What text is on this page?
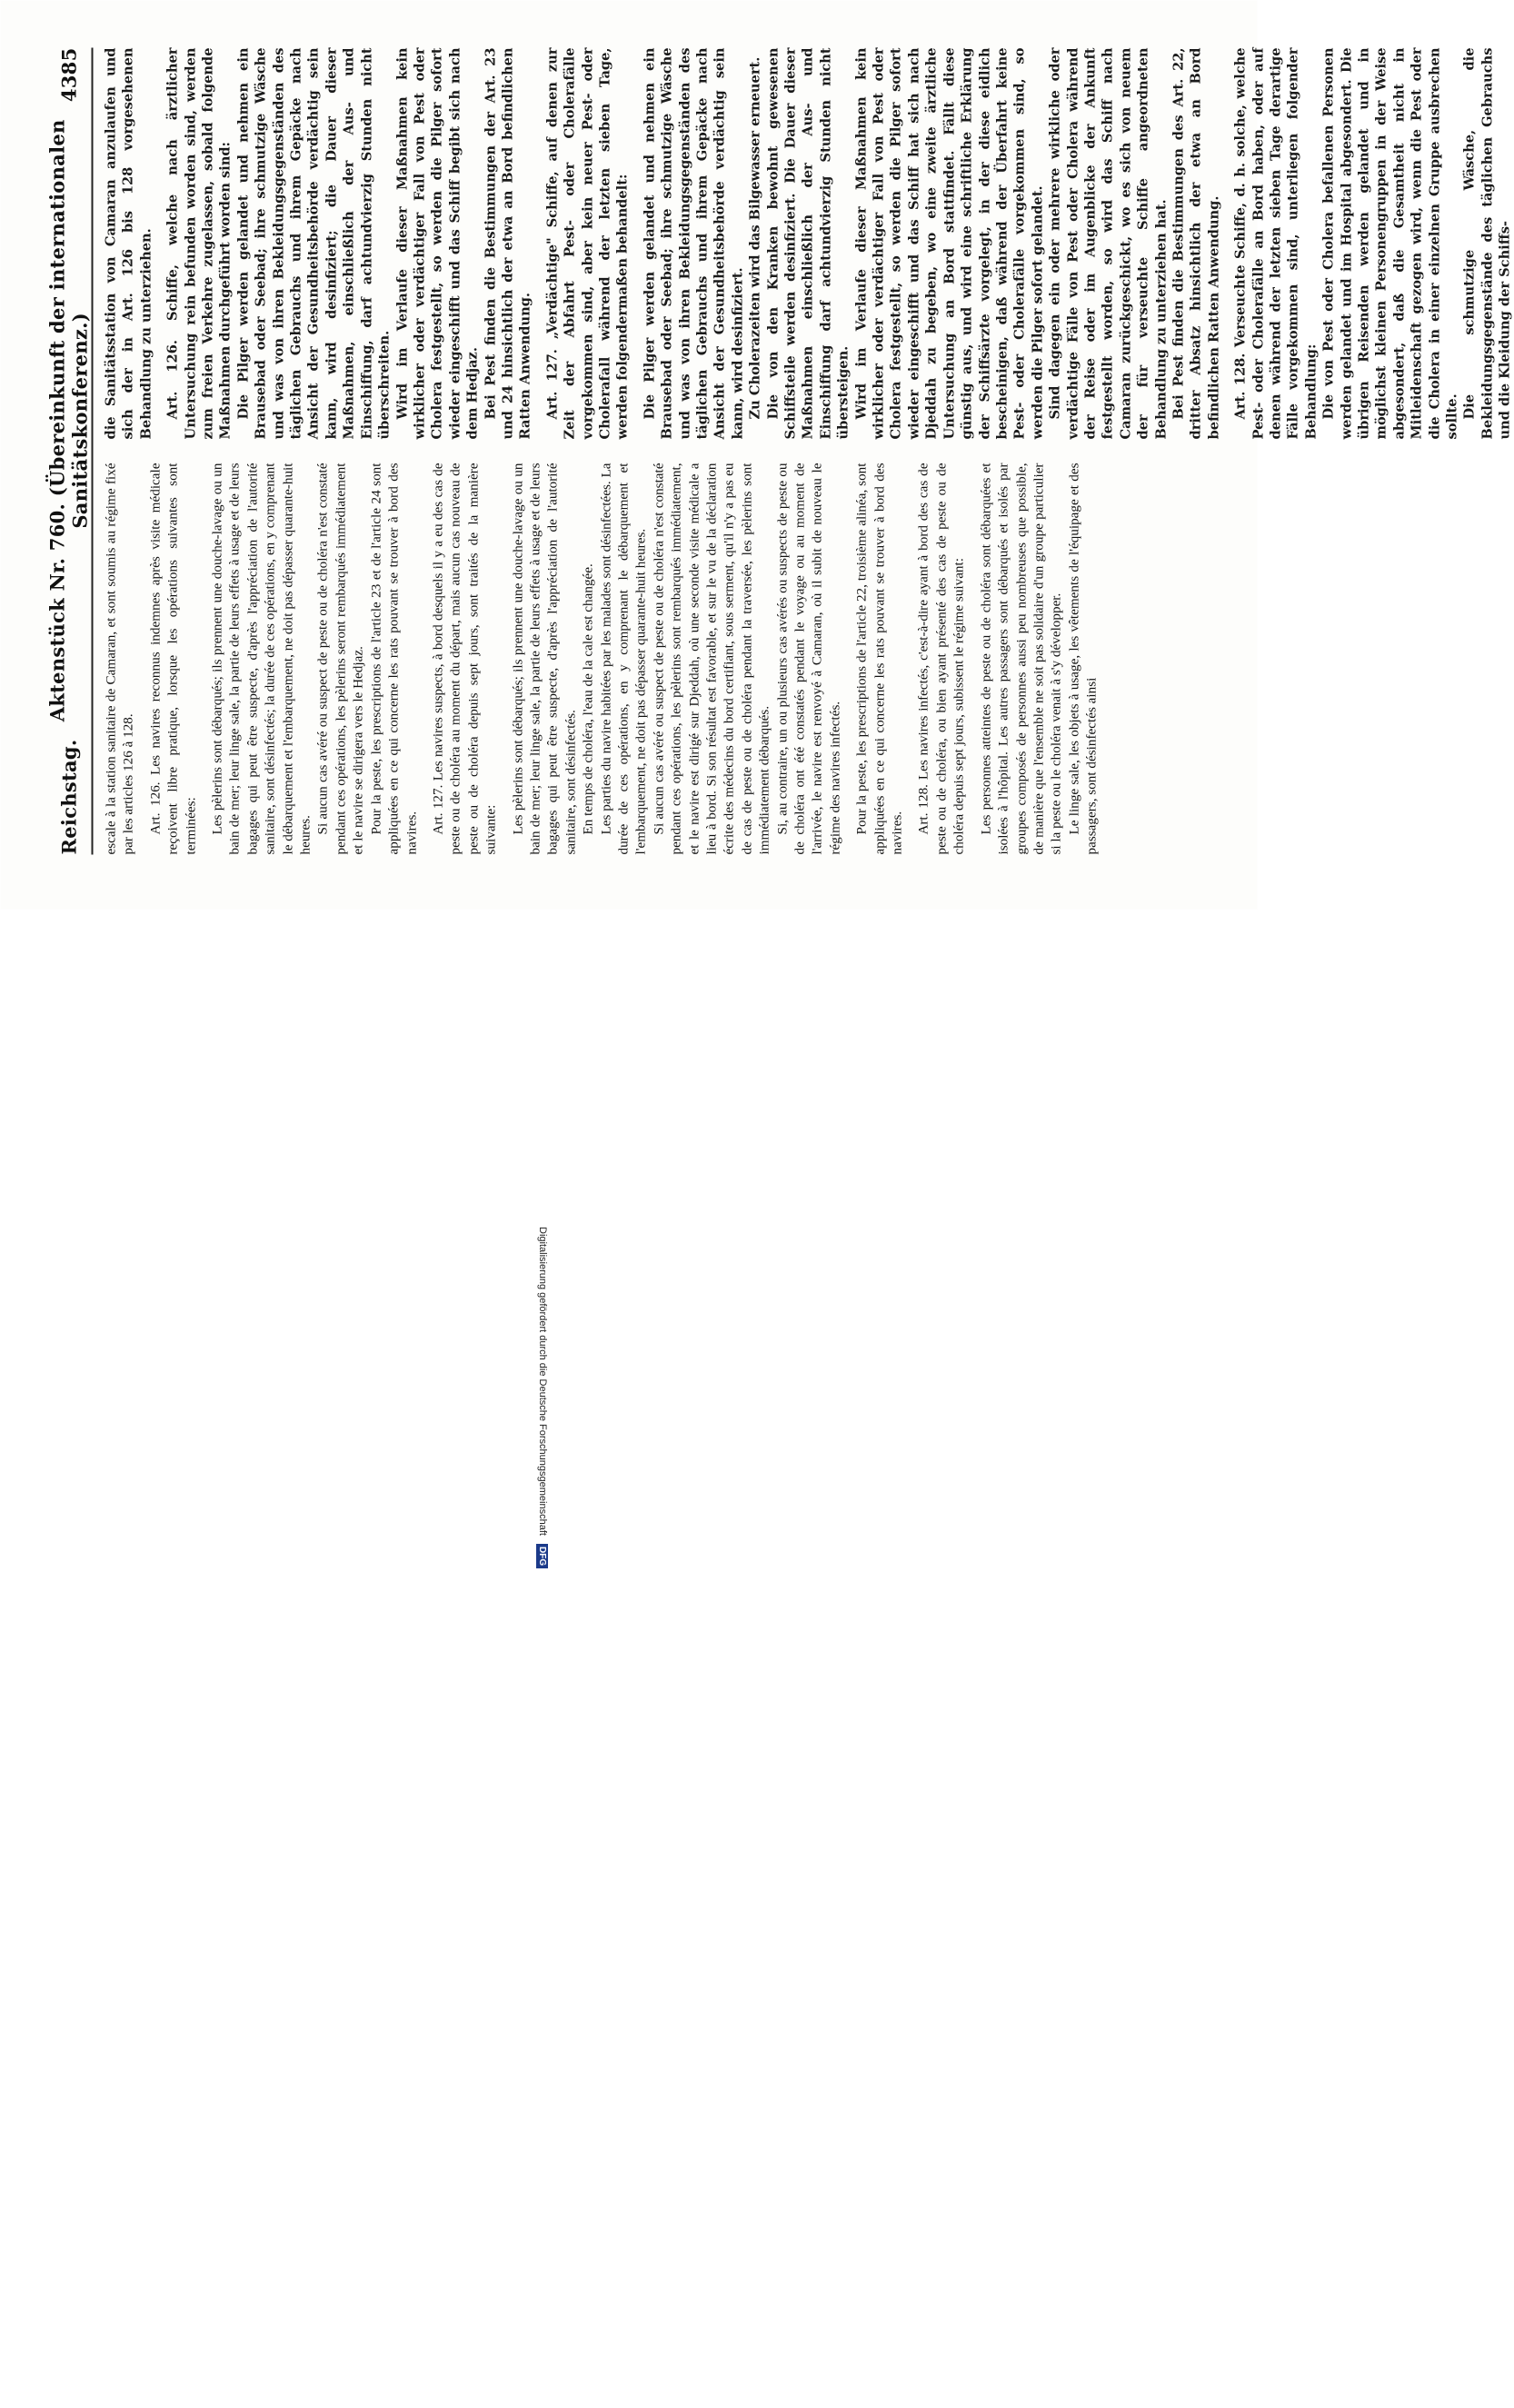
Reichstag.
Aktenstück Nr. 760. (Übereinkunft der internationalen Sanitätskonferenz.)
4385

escale à la station sanitaire de Camaran, et sont soumis au régime fixé par les articles 126 à 128. Art. 126. Les navires reconnus indemnes après visite médicale reçoivent libre pratique, lorsque les opérations suivantes sont terminées: Les pèlerins sont débarqués; ils prennent une douche-lavage ou un bain de mer; leur linge sale, la partie de leurs effets à usage et de leurs bagages qui peut être suspecte, d'après l'appréciation de l'autorité sanitaire, sont désinfectés; la durée de ces opérations, en y comprenant le débarquement et l'embarquement, ne doit pas dépasser quarante-huit heures.

Si aucun cas avéré ou suspect de peste ou de choléra n'est constaté pendant ces opérations, les pèlerins seront rembarqués immédiatement et le navire se dirigera vers le Hedjaz. Pour la peste, les prescriptions de l'article 23 et de l'article 24 sont appliquées en ce qui concerne les rats pouvant se trouver à bord des navires. Art. 127. Les navires suspects, à bord desquels il y a eu des cas de peste ou de choléra au moment du départ, mais aucun cas nouveau de peste ou de choléra depuis sept jours, sont traités de la manière suivante: Les pèlerins sont débarqués; ils prennent une douche-lavage ou un bain de mer; leur linge sale, la partie de leurs effets à usage et de leurs bagages qui peut être suspecte, d'après l'appréciation de l'autorité sanitaire, sont désinfectés. En temps de choléra, l'eau de la cale est changée. Les parties du navire habitées par les malades sont désinfectées. La durée de ces opérations, en y comprenant le débarquement et l'embarquement, ne doit pas dépasser quarante-huit heures. Si aucun cas avéré ou suspect de peste ou de choléra n'est constaté pendant ces opérations, les pèlerins sont rembarqués immédiatement, et le navire est dirigé sur Djeddah, où une seconde visite médicale a lieu à bord. Si son résultat est favorable, et sur le vu de la déclaration écrite des médecins du bord certifiant, sous serment, qu'il n'y a pas eu de cas de peste ou de choléra pendant la traversée, les pèlerins sont immédiatement débarqués. Si, au contraire, un ou plusieurs cas avérés ou suspects de peste ou de choléra ont été constatés pendant le voyage ou au moment de l'arrivée, le navire est renvoyé à Camaran, où il subit de nouveau le régime des navires infectés. Pour la peste, les prescriptions de l'article 22, troisième alinéa, sont appliquées en ce qui concerne les rats pouvant se trouver à bord des navires. Art. 128. Les navires infectés, c'est-à-dire ayant à bord des cas de peste ou de choléra, ou bien ayant présenté des cas de peste ou de choléra depuis sept jours, subissent le régime suivant: Les personnes atteintes de peste ou de choléra sont débarquées et isolées à l'hôpital. Les autres passagers sont débarqués et isolés par groupes composés de personnes aussi peu nombreuses que possible, de manière que l'ensemble ne soit pas solidaire d'un groupe particulier si la peste ou le choléra venait à s'y développer. Le linge sale, les objets à usage, les vêtements de l'équipage et des passagers, sont désinfectés ainsi

die Sanitätsstation von Camaran anzulaufen und sich der in Art. 126 bis 128 vorgesehenen Behandlung zu unterziehen. Art. 126. Schiffe, welche nach ärztlicher Untersuchung rein befunden worden sind, werden zum freien Verkehre zugelassen, sobald folgende Maßnahmen durchgeführt worden sind: Die Pilger werden gelandet und nehmen ein Brausebad oder Seebad; ihre schmutzige Wäsche und was von ihren Bekleidungsgegenständen des täglichen Gebrauchs und ihrem Gepäcke nach Ansicht der Gesundheitsbehörde verdächtig sein kann, wird desinfiziert; die Dauer dieser Maßnahmen, einschließlich der Aus- und Einschiffung, darf achtundvierzig Stunden nicht überschreiten. Wird im Verlaufe dieser Maßnahmen kein wirklicher oder verdächtiger Fall von Pest oder Cholera festgestellt, so werden die Pilger sofort wieder eingeschifft und das Schiff begibt sich nach dem Hedjaz. Bei Pest finden die Bestimmungen der Art. 23 und 24 hinsichtlich der etwa an Bord befindlichen Ratten Anwendung. Art. 127. „Verdächtige" Schiffe, auf denen zur Zeit der Abfahrt Pest- oder Cholerafälle vorgekommen sind, aber kein neuer Pest- oder Cholerafall während der letzten sieben Tage, werden folgendermaßen behandelt: Die Pilger werden gelandet und nehmen ein Brausebad oder Seebad; ihre schmutzige Wäsche und was von ihren Bekleidungsgegenständen des täglichen Gebrauchs und ihrem Gepäcke nach Ansicht der Gesundheitsbehörde verdächtig sein kann, wird desinfiziert. Zu Cholerazeiten wird das Bilgewasser erneuert. Die von den Kranken bewohnt gewesenen Schiffsteile werden desinfiziert. Die Dauer dieser Maßnahmen einschließlich der Aus- und Einschiffung darf achtundvierzig Stunden nicht übersteigen. Wird im Verlaufe dieser Maßnahmen kein wirklicher oder verdächtiger Fall von Pest oder Cholera festgestellt, so werden die Pilger sofort wieder eingeschifft und das Schiff hat sich nach Djeddah zu begeben, wo eine zweite ärztliche Untersuchung an Bord stattfindet. Fällt diese günstig aus, und wird eine schriftliche Erklärung der Schiffsärzte vorgelegt, in der diese eidlich bescheinigen, daß während der Überfahrt keine Pest- oder Cholerafälle vorgekommen sind, so werden die Pilger sofort gelandet. Sind dagegen ein oder mehrere wirkliche oder verdächtige Fälle von Pest oder Cholera während der Reise oder im Augenblicke der Ankunft festgestellt worden, so wird das Schiff nach Camaran zurückgeschickt, wo es sich von neuem der für verseuchte Schiffe angeordneten Behandlung zu unterziehen hat. Bei Pest finden die Bestimmungen des Art. 22, dritter Absatz hinsichtlich der etwa an Bord befindlichen Ratten Anwendung. Art. 128. Verseuchte Schiffe, d. h. solche, welche Pest- oder Cholerafälle an Bord haben, oder auf denen während der letzten sieben Tage derartige Fälle vorgekommen sind, unterliegen folgender Behandlung: Die von Pest oder Cholera befallenen Personen werden gelandet und im Hospital abgesondert. Die übrigen Reisenden werden gelandet und in möglichst kleinen Personengruppen in der Weise abgesondert, daß die Gesamtheit nicht in Mitleidenschaft gezogen wird, wenn die Pest oder die Cholera in einer einzelnen Gruppe ausbrechen sollte. Die schmutzige Wäsche, die Bekleidungsgegenstände des täglichen Gebrauchs und die Kleidung der Schiffs-

Digitalisierung gefördert durch die Deutsche Forschungsgemeinschaft DFG
